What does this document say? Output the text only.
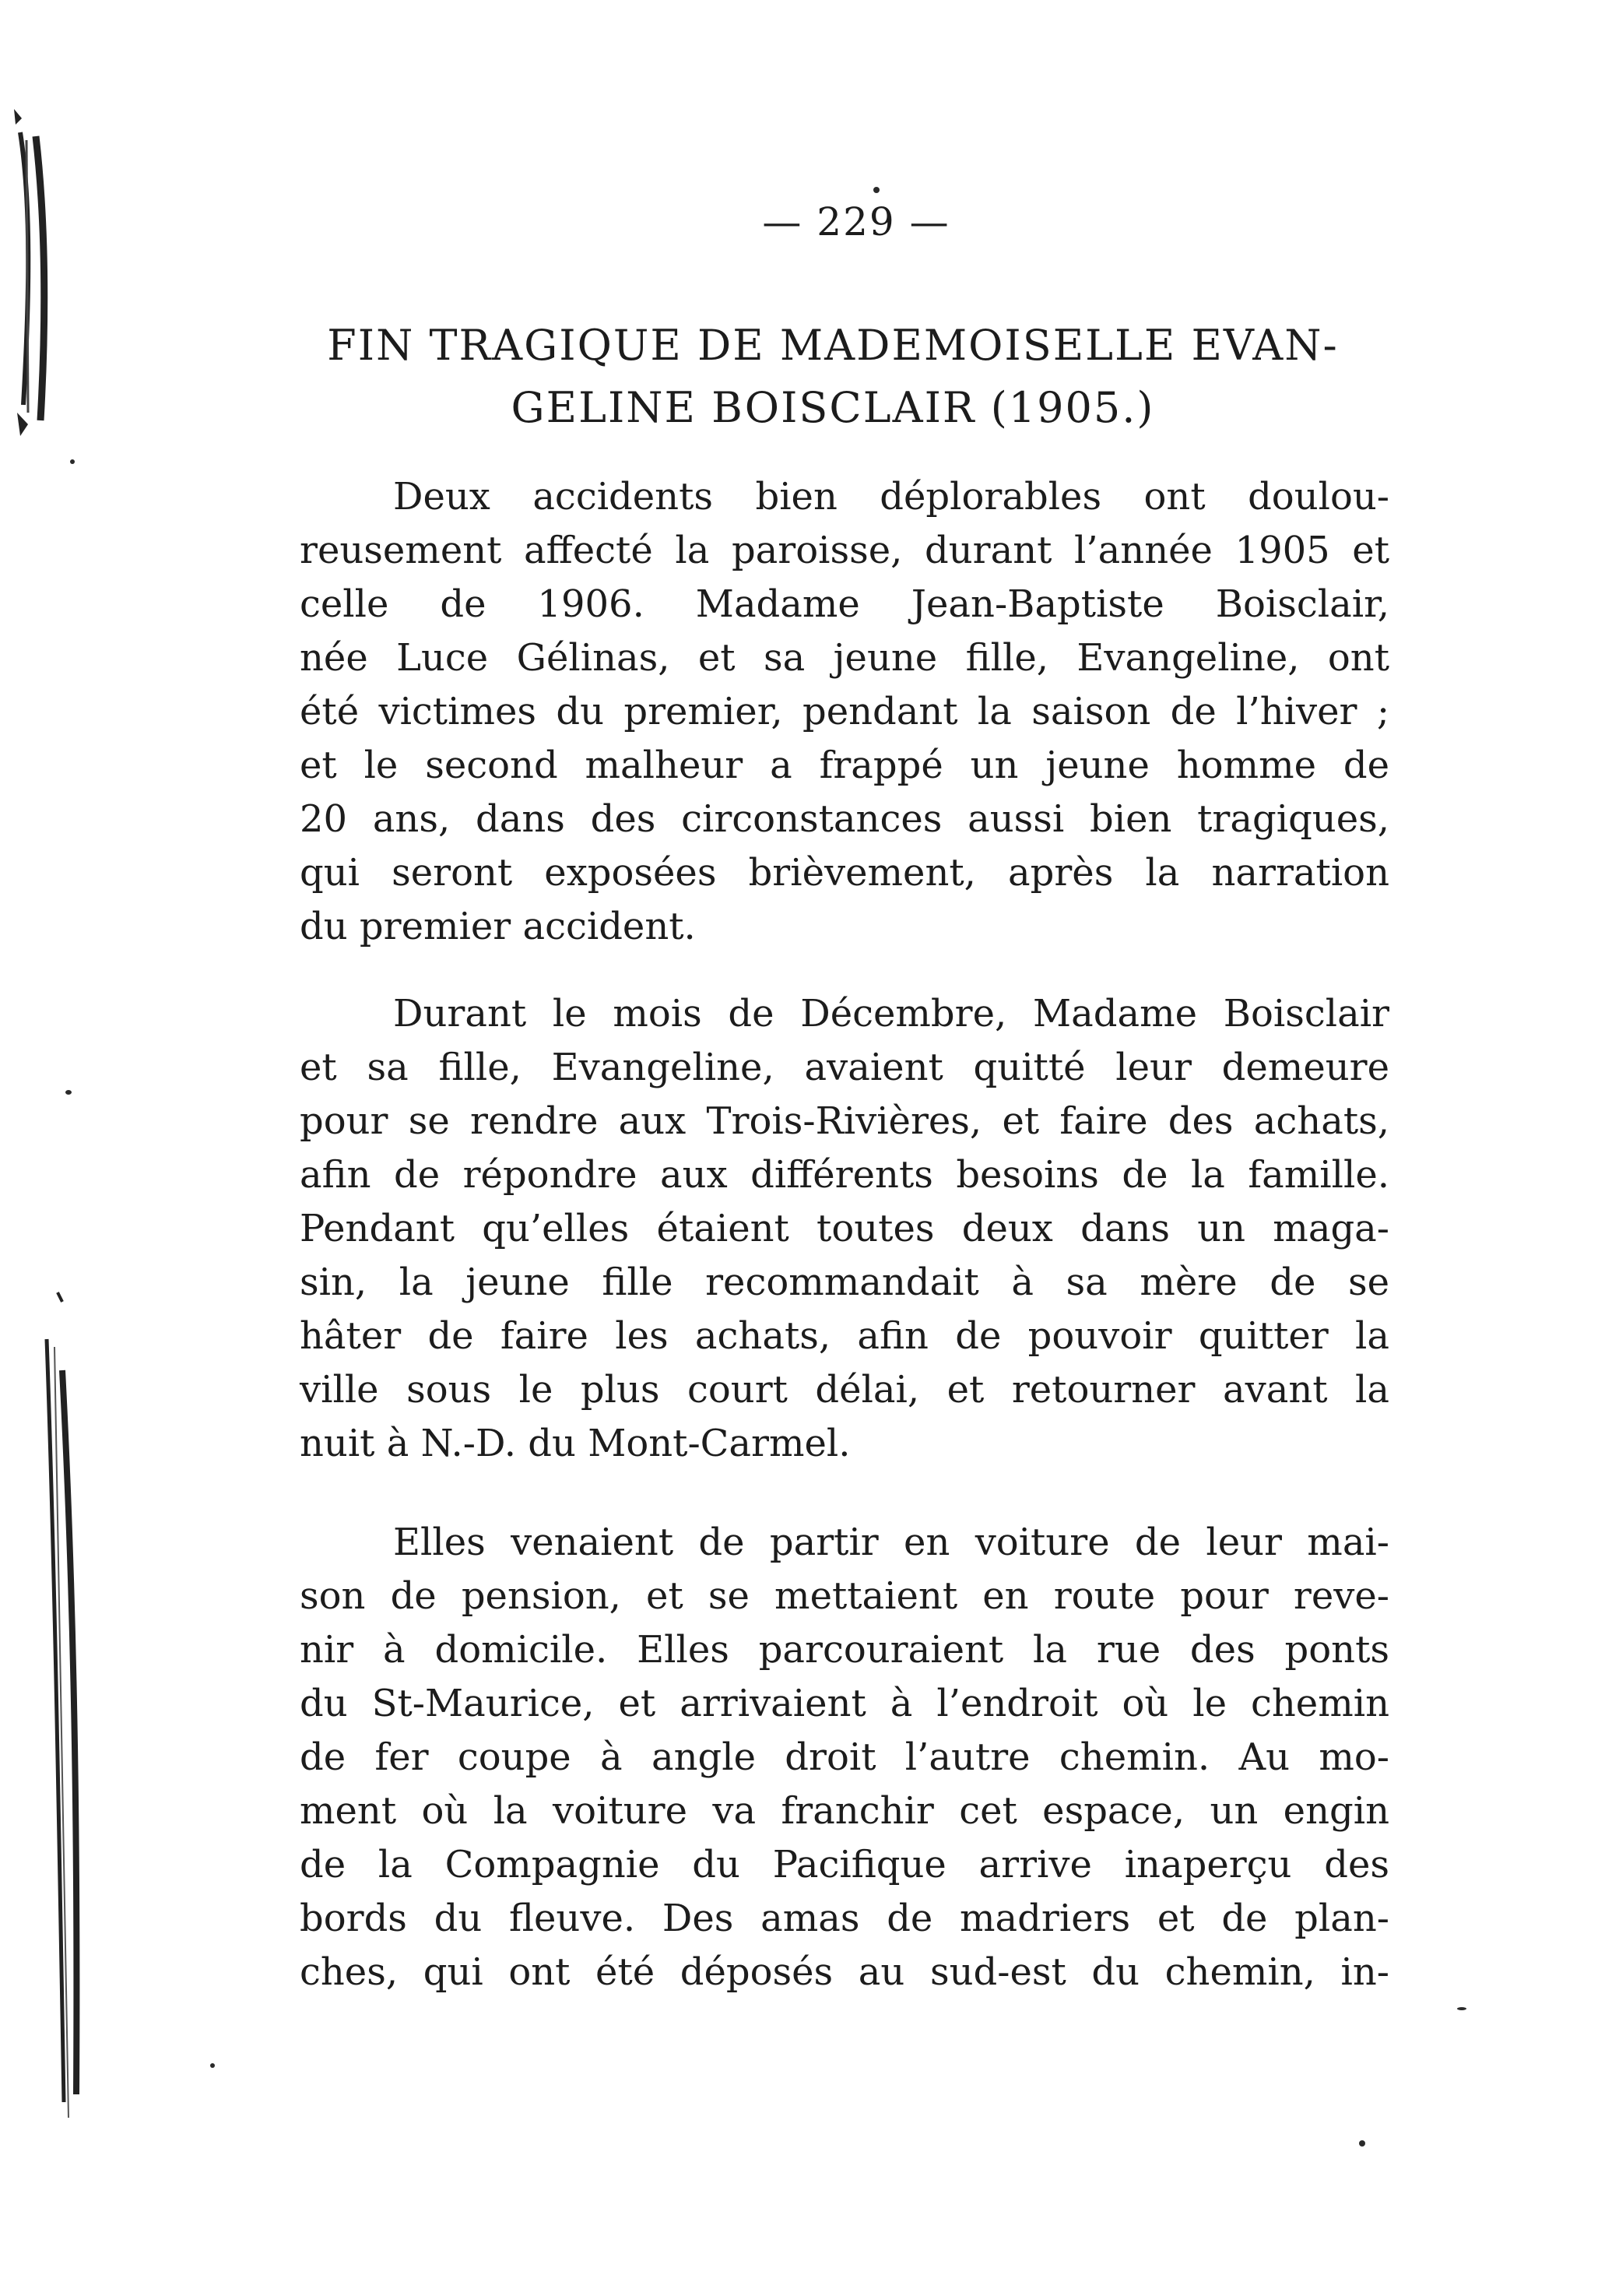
— 229 —
FIN TRAGIQUE DE MADEMOISELLE EVAN-
GELINE BOISCLAIR (1905.)
Deux accidents bien déplorables ont doulou-
reusement affecté la paroisse, durant l’année 1905 et
celle de 1906. Madame Jean-Baptiste Boisclair,
née Luce Gélinas, et sa jeune fille, Evangeline, ont
été victimes du premier, pendant la saison de l’hiver ;
et le second malheur a frappé un jeune homme de
20 ans, dans des circonstances aussi bien tragiques,
qui seront exposées brièvement, après la narration
du premier accident.
Durant le mois de Décembre, Madame Boisclair
et sa fille, Evangeline, avaient quitté leur demeure
pour se rendre aux Trois-Rivières, et faire des achats,
afin de répondre aux différents besoins de la famille.
Pendant qu’elles étaient toutes deux dans un maga-
sin, la jeune fille recommandait à sa mère de se
hâter de faire les achats, afin de pouvoir quitter la
ville sous le plus court délai, et retourner avant la
nuit à N.-D. du Mont-Carmel.
Elles venaient de partir en voiture de leur mai-
son de pension, et se mettaient en route pour reve-
nir à domicile. Elles parcouraient la rue des ponts
du St-Maurice, et arrivaient à l’endroit où le chemin
de fer coupe à angle droit l’autre chemin. Au mo-
ment où la voiture va franchir cet espace, un engin
de la Compagnie du Pacifique arrive inaperçu des
bords du fleuve. Des amas de madriers et de plan-
ches, qui ont été déposés au sud-est du chemin, in-
